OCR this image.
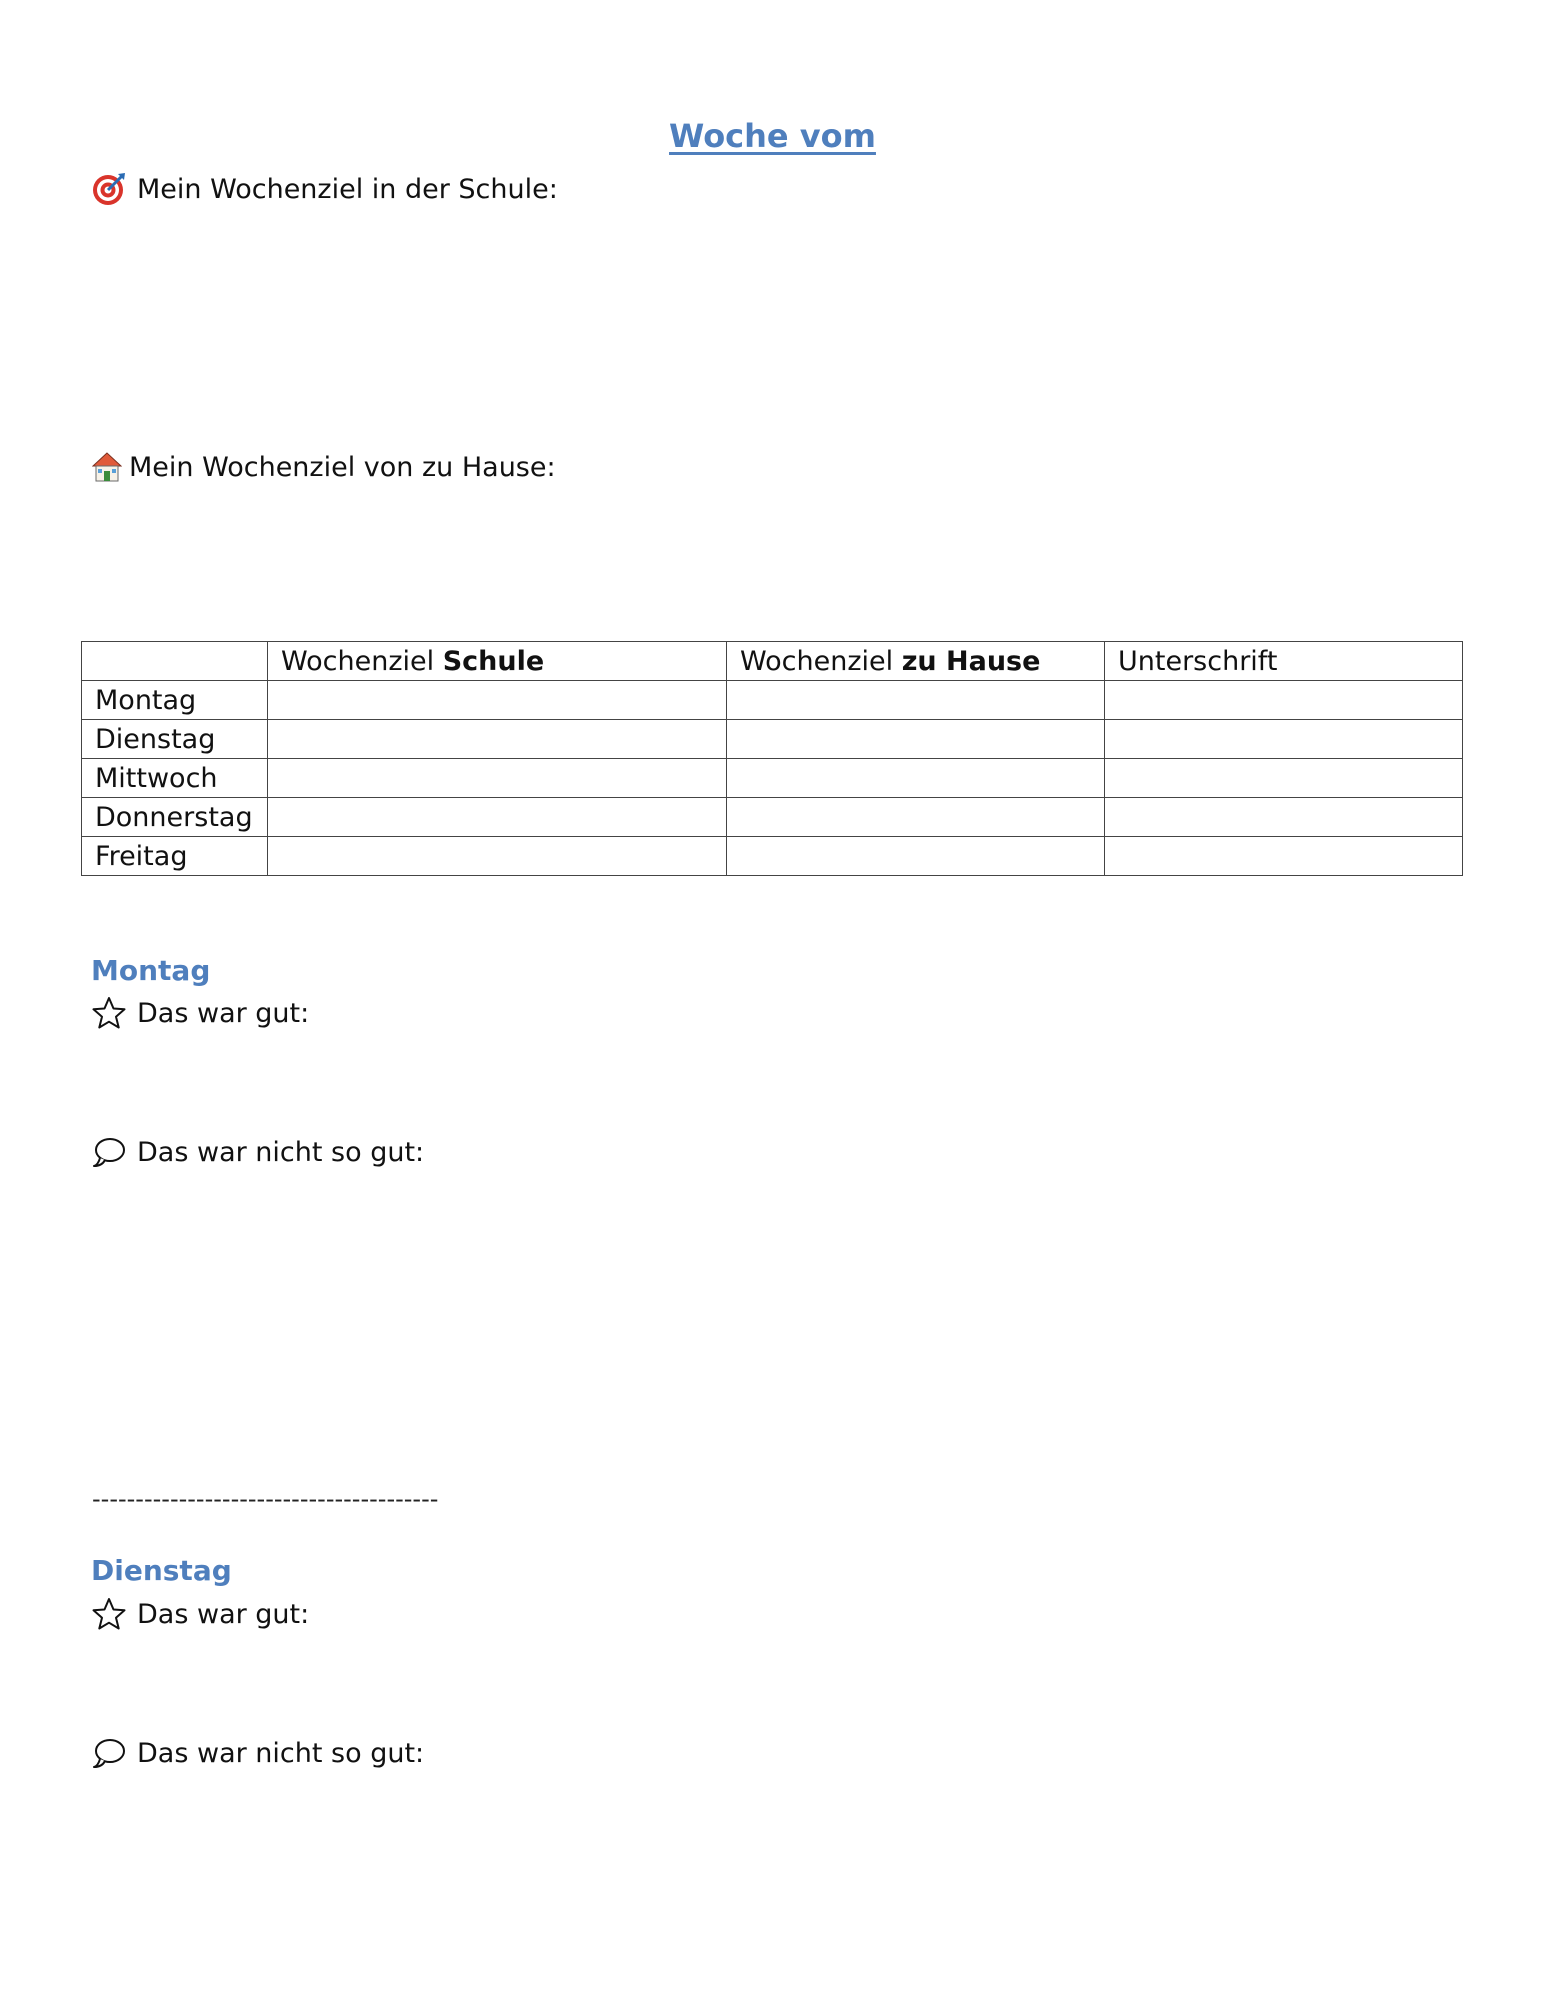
Woche vom
Mein Wochenziel in der Schule:
Mein Wochenziel von zu Hause:
	Wochenziel Schule	Wochenziel zu Hause	Unterschrift
Montag			
Dienstag			
Mittwoch			
Donnerstag			
Freitag			
Montag
Das war gut:
Das war nicht so gut:
----------------------------------------
Dienstag
Das war gut:
Das war nicht so gut:
